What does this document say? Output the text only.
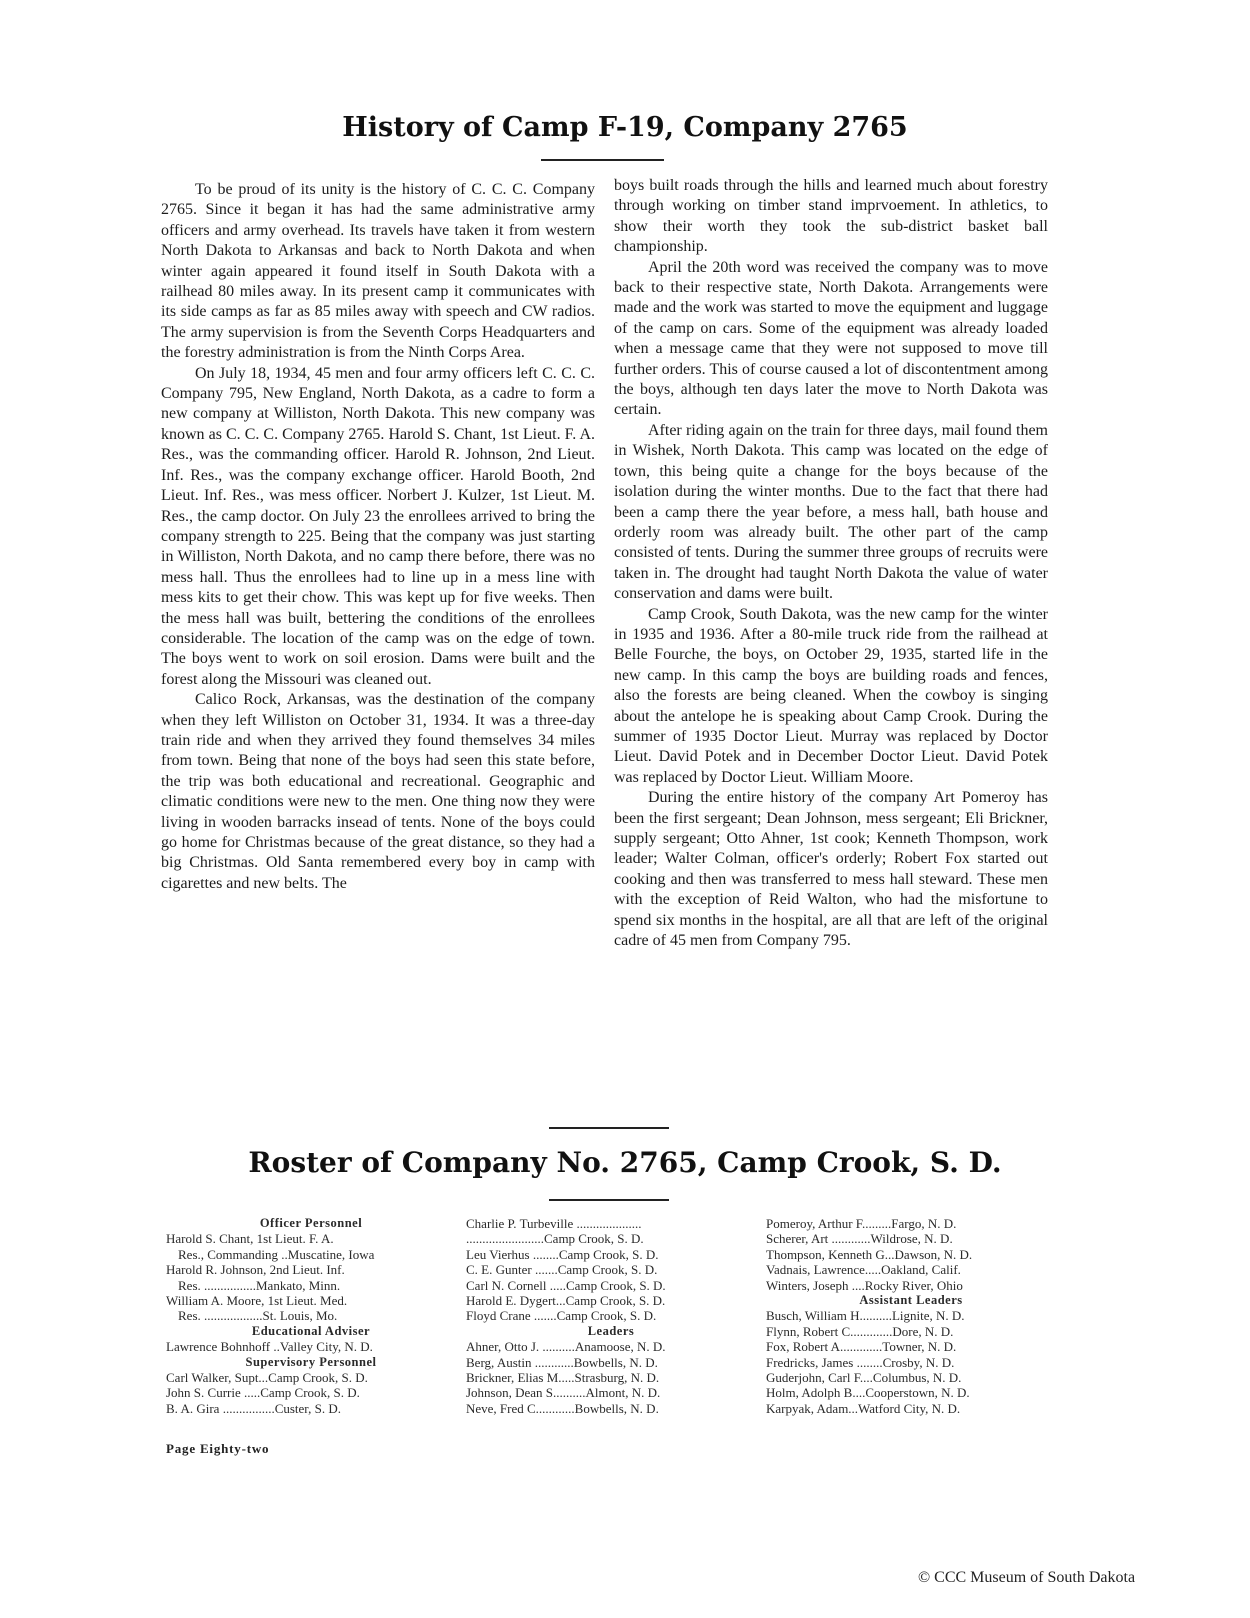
History of Camp F-19, Company 2765

To be proud of its unity is the history of C. C. C. Company 2765. Since it began it has had the same administrative army officers and army overhead. Its travels have taken it from western North Dakota to Arkansas and back to North Dakota and when winter again appeared it found itself in South Dakota with a railhead 80 miles away. In its present camp it communicates with its side camps as far as 85 miles away with speech and CW radios. The army supervision is from the Seventh Corps Headquarters and the forestry administration is from the Ninth Corps Area.

On July 18, 1934, 45 men and four army officers left C. C. C. Company 795, New England, North Dakota, as a cadre to form a new company at Williston, North Dakota. This new company was known as C. C. C. Company 2765. Harold S. Chant, 1st Lieut. F. A. Res., was the commanding officer. Harold R. Johnson, 2nd Lieut. Inf. Res., was the company exchange officer. Harold Booth, 2nd Lieut. Inf. Res., was mess officer. Norbert J. Kulzer, 1st Lieut. M. Res., the camp doctor. On July 23 the enrollees arrived to bring the company strength to 225. Being that the company was just starting in Williston, North Dakota, and no camp there before, there was no mess hall. Thus the enrollees had to line up in a mess line with mess kits to get their chow. This was kept up for five weeks. Then the mess hall was built, bettering the conditions of the enrollees considerable. The location of the camp was on the edge of town. The boys went to work on soil erosion. Dams were built and the forest along the Missouri was cleaned out.

Calico Rock, Arkansas, was the destination of the company when they left Williston on October 31, 1934. It was a three-day train ride and when they arrived they found themselves 34 miles from town. Being that none of the boys had seen this state before, the trip was both educational and recreational. Geographic and climatic conditions were new to the men. One thing now they were living in wooden barracks insead of tents. None of the boys could go home for Christmas because of the great distance, so they had a big Christmas. Old Santa remembered every boy in camp with cigarettes and new belts. The

boys built roads through the hills and learned much about forestry through working on timber stand imprvoement. In athletics, to show their worth they took the sub-district basket ball championship.

April the 20th word was received the company was to move back to their respective state, North Dakota. Arrangements were made and the work was started to move the equipment and luggage of the camp on cars. Some of the equipment was already loaded when a message came that they were not supposed to move till further orders. This of course caused a lot of discontentment among the boys, although ten days later the move to North Dakota was certain.

After riding again on the train for three days, mail found them in Wishek, North Dakota. This camp was located on the edge of town, this being quite a change for the boys because of the isolation during the winter months. Due to the fact that there had been a camp there the year before, a mess hall, bath house and orderly room was already built. The other part of the camp consisted of tents. During the summer three groups of recruits were taken in. The drought had taught North Dakota the value of water conservation and dams were built.

Camp Crook, South Dakota, was the new camp for the winter in 1935 and 1936. After a 80-mile truck ride from the railhead at Belle Fourche, the boys, on October 29, 1935, started life in the new camp. In this camp the boys are building roads and fences, also the forests are being cleaned. When the cowboy is singing about the antelope he is speaking about Camp Crook. During the summer of 1935 Doctor Lieut. Murray was replaced by Doctor Lieut. David Potek and in December Doctor Lieut. David Potek was replaced by Doctor Lieut. William Moore.

During the entire history of the company Art Pomeroy has been the first sergeant; Dean Johnson, mess sergeant; Eli Brickner, supply sergeant; Otto Ahner, 1st cook; Kenneth Thompson, work leader; Walter Colman, officer's orderly; Robert Fox started out cooking and then was transferred to mess hall steward. These men with the exception of Reid Walton, who had the misfortune to spend six months in the hospital, are all that are left of the original cadre of 45 men from Company 795.

Roster of Company No. 2765, Camp Crook, S. D.
Officer Personnel
Harold S. Chant, 1st Lieut. F. A.
Res., Commanding ..Muscatine, Iowa
Harold R. Johnson, 2nd Lieut. Inf.
Res. ................Mankato, Minn.
William A. Moore, 1st Lieut. Med.
Res. ..................St. Louis, Mo.
Educational Adviser
Lawrence Bohnhoff ..Valley City, N. D.
Supervisory Personnel
Carl Walker, Supt...Camp Crook, S. D.
John S. Currie .....Camp Crook, S. D.
B. A. Gira ................Custer, S. D.
Charlie P. Turbeville ....................
........................Camp Crook, S. D.
Leu Vierhus ........Camp Crook, S. D.
C. E. Gunter .......Camp Crook, S. D.
Carl N. Cornell .....Camp Crook, S. D.
Harold E. Dygert...Camp Crook, S. D.
Floyd Crane .......Camp Crook, S. D.
Leaders
Ahner, Otto J. ..........Anamoose, N. D.
Berg, Austin ............Bowbells, N. D.
Brickner, Elias M.....Strasburg, N. D.
Johnson, Dean S..........Almont, N. D.
Neve, Fred C............Bowbells, N. D.
Pomeroy, Arthur F.........Fargo, N. D.
Scherer, Art ............Wildrose, N. D.
Thompson, Kenneth G...Dawson, N. D.
Vadnais, Lawrence.....Oakland, Calif.
Winters, Joseph ....Rocky River, Ohio
Assistant Leaders
Busch, William H..........Lignite, N. D.
Flynn, Robert C.............Dore, N. D.
Fox, Robert A.............Towner, N. D.
Fredricks, James ........Crosby, N. D.
Guderjohn, Carl F....Columbus, N. D.
Holm, Adolph B....Cooperstown, N. D.
Karpyak, Adam...Watford City, N. D.
Page Eighty-two
© CCC Museum of South Dakota
